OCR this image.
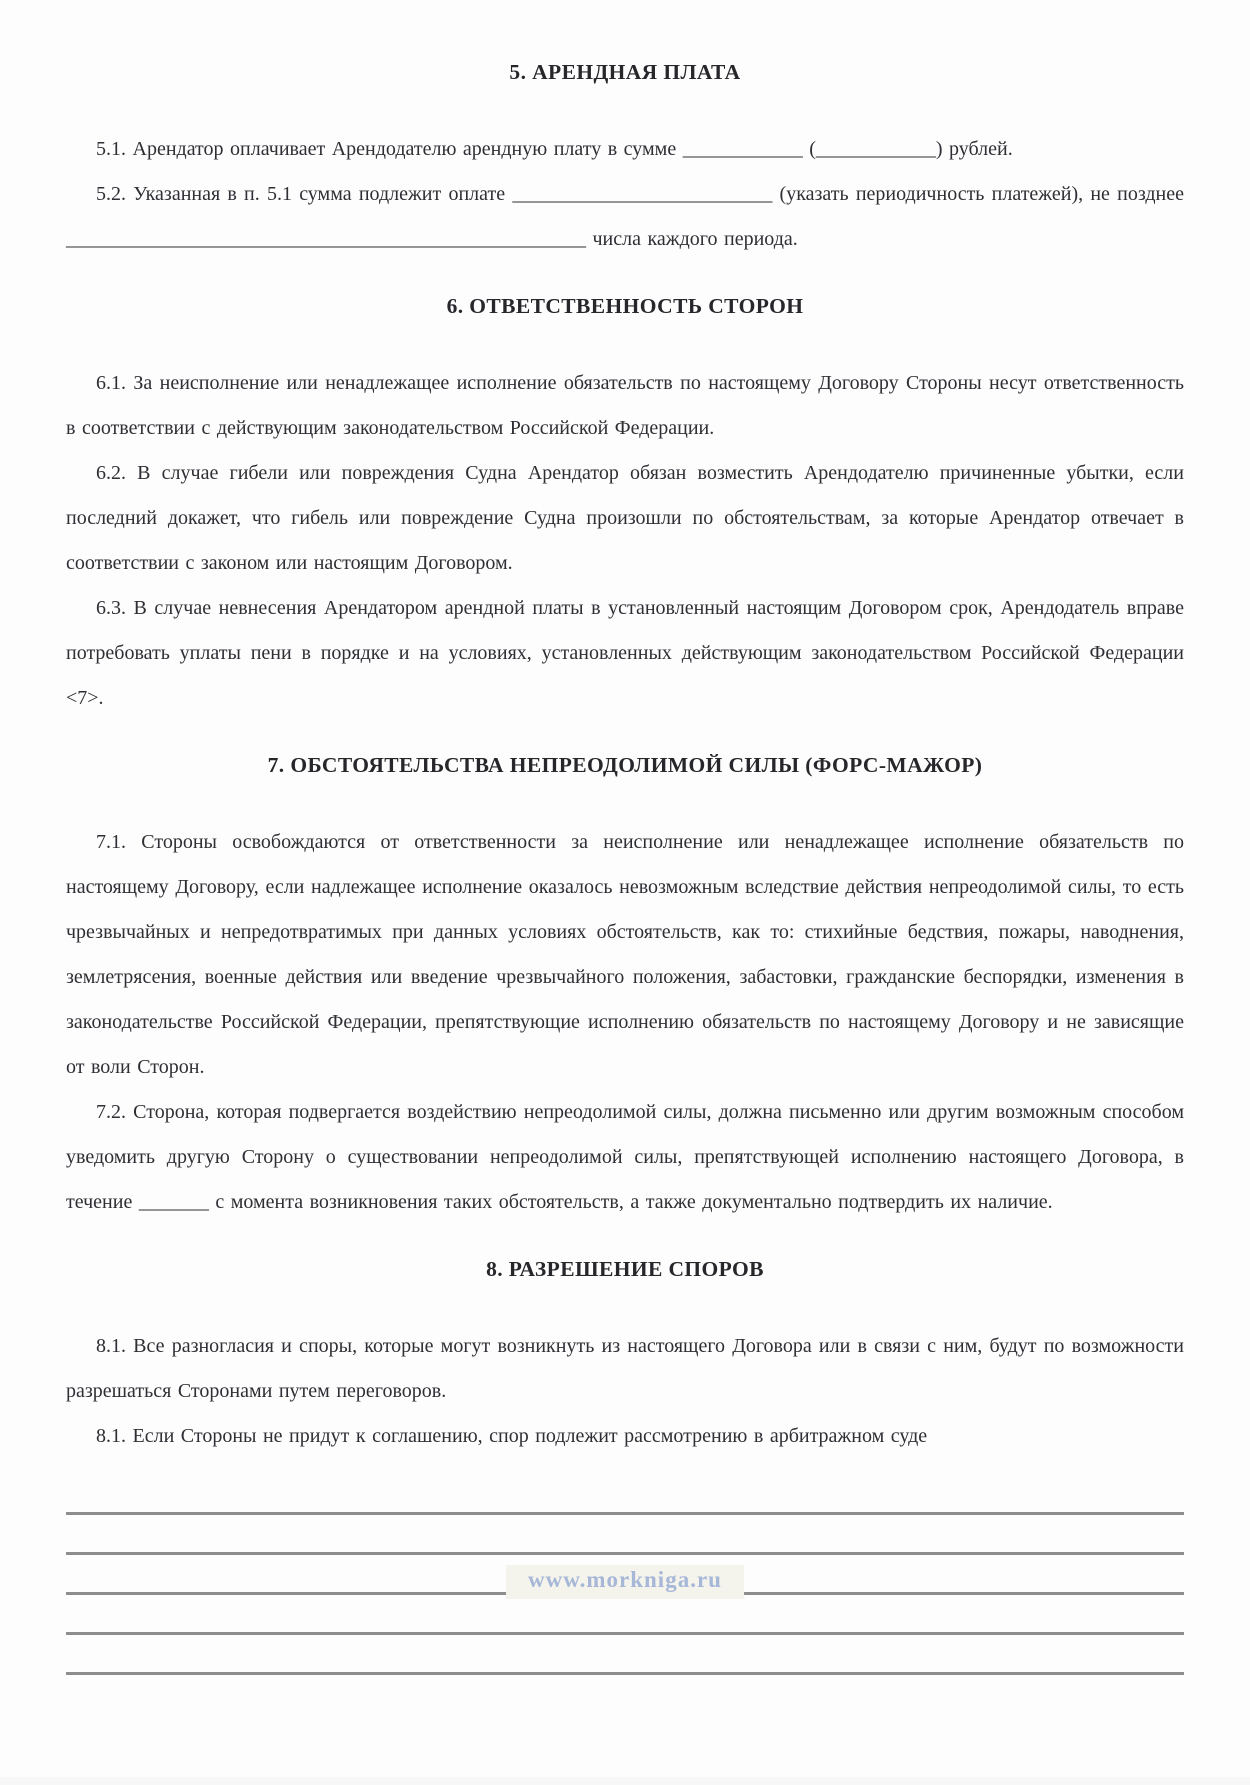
5. АРЕНДНАЯ ПЛАТА

5.1. Арендатор оплачивает Арендодателю арендную плату в сумме ____________ (____________) рублей.

5.2. Указанная в п. 5.1 сумма подлежит оплате __________________________ (указать периодичность платежей), не позднее ____________________________________________________ числа каждого периода.

6. ОТВЕТСТВЕННОСТЬ СТОРОН

6.1. За неисполнение или ненадлежащее исполнение обязательств по настоящему Договору Стороны несут ответственность в соответствии с действующим законодательством Российской Федерации.

6.2. В случае гибели или повреждения Судна Арендатор обязан возместить Арендодателю причиненные убытки, если последний докажет, что гибель или повреждение Судна произошли по обстоятельствам, за которые Арендатор отвечает в соответствии с законом или настоящим Договором.

6.3. В случае невнесения Арендатором арендной платы в установленный настоящим Договором срок, Арендодатель вправе потребовать уплаты пени в порядке и на условиях, установленных действующим законодательством Российской Федерации <7>.

7. ОБСТОЯТЕЛЬСТВА НЕПРЕОДОЛИМОЙ СИЛЫ (ФОРС-МАЖОР)

7.1. Стороны освобождаются от ответственности за неисполнение или ненадлежащее исполнение обязательств по настоящему Договору, если надлежащее исполнение оказалось невозможным вследствие действия непреодолимой силы, то есть чрезвычайных и непредотвратимых при данных условиях обстоятельств, как то: стихийные бедствия, пожары, наводнения, землетрясения, военные действия или введение чрезвычайного положения, забастовки, гражданские беспорядки, изменения в законодательстве Российской Федерации, препятствующие исполнению обязательств по настоящему Договору и не зависящие от воли Сторон.

7.2. Сторона, которая подвергается воздействию непреодолимой силы, должна письменно или другим возможным способом уведомить другую Сторону о существовании непреодолимой силы, препятствующей исполнению настоящего Договора, в течение _______ с момента возникновения таких обстоятельств, а также документально подтвердить их наличие.

8. РАЗРЕШЕНИЕ СПОРОВ

8.1. Все разногласия и споры, которые могут возникнуть из настоящего Договора или в связи с ним, будут по возможности разрешаться Сторонами путем переговоров.

8.1. Если Стороны не придут к соглашению, спор подлежит рассмотрению в арбитражном суде

www.morkniga.ru
